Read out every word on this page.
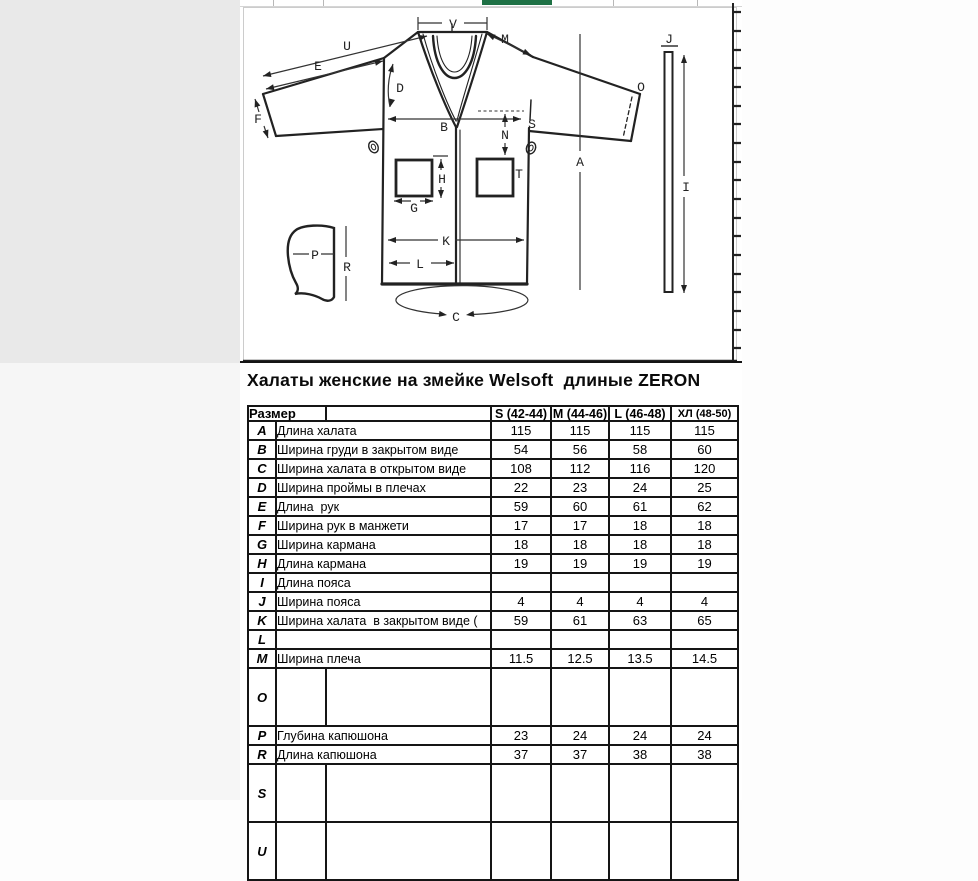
V
M
U
E
D
F
B
N
S
A
O
J
I
T
H
G
K
L
P
R
C
Халаты женские на змейке Welsoft  длиные ZERON
Размер		S (42-44)	M (44-46)	L (46-48)	ХЛ (48-50)
A	Длина халата	115	115	115	115
B	Ширина груди в закрытом виде	54	56	58	60
C	Ширина халата в открытом виде	108	112	116	120
D	Ширина проймы в плечах	22	23	24	25
E	Длина  рук	59	60	61	62
F	Ширина рук в манжети	17	17	18	18
G	Ширина кармана	18	18	18	18
H	Длина кармана	19	19	19	19
I	Длина пояса				
J	Ширина пояса	4	4	4	4
K	Ширина халата  в закрытом виде (	59	61	63	65
L					
M	Ширина плеча	11.5	12.5	13.5	14.5
O	

P	Глубина капюшона	23	24	24	24
R	Длина капюшона	37	37	38	38
S	

U	
